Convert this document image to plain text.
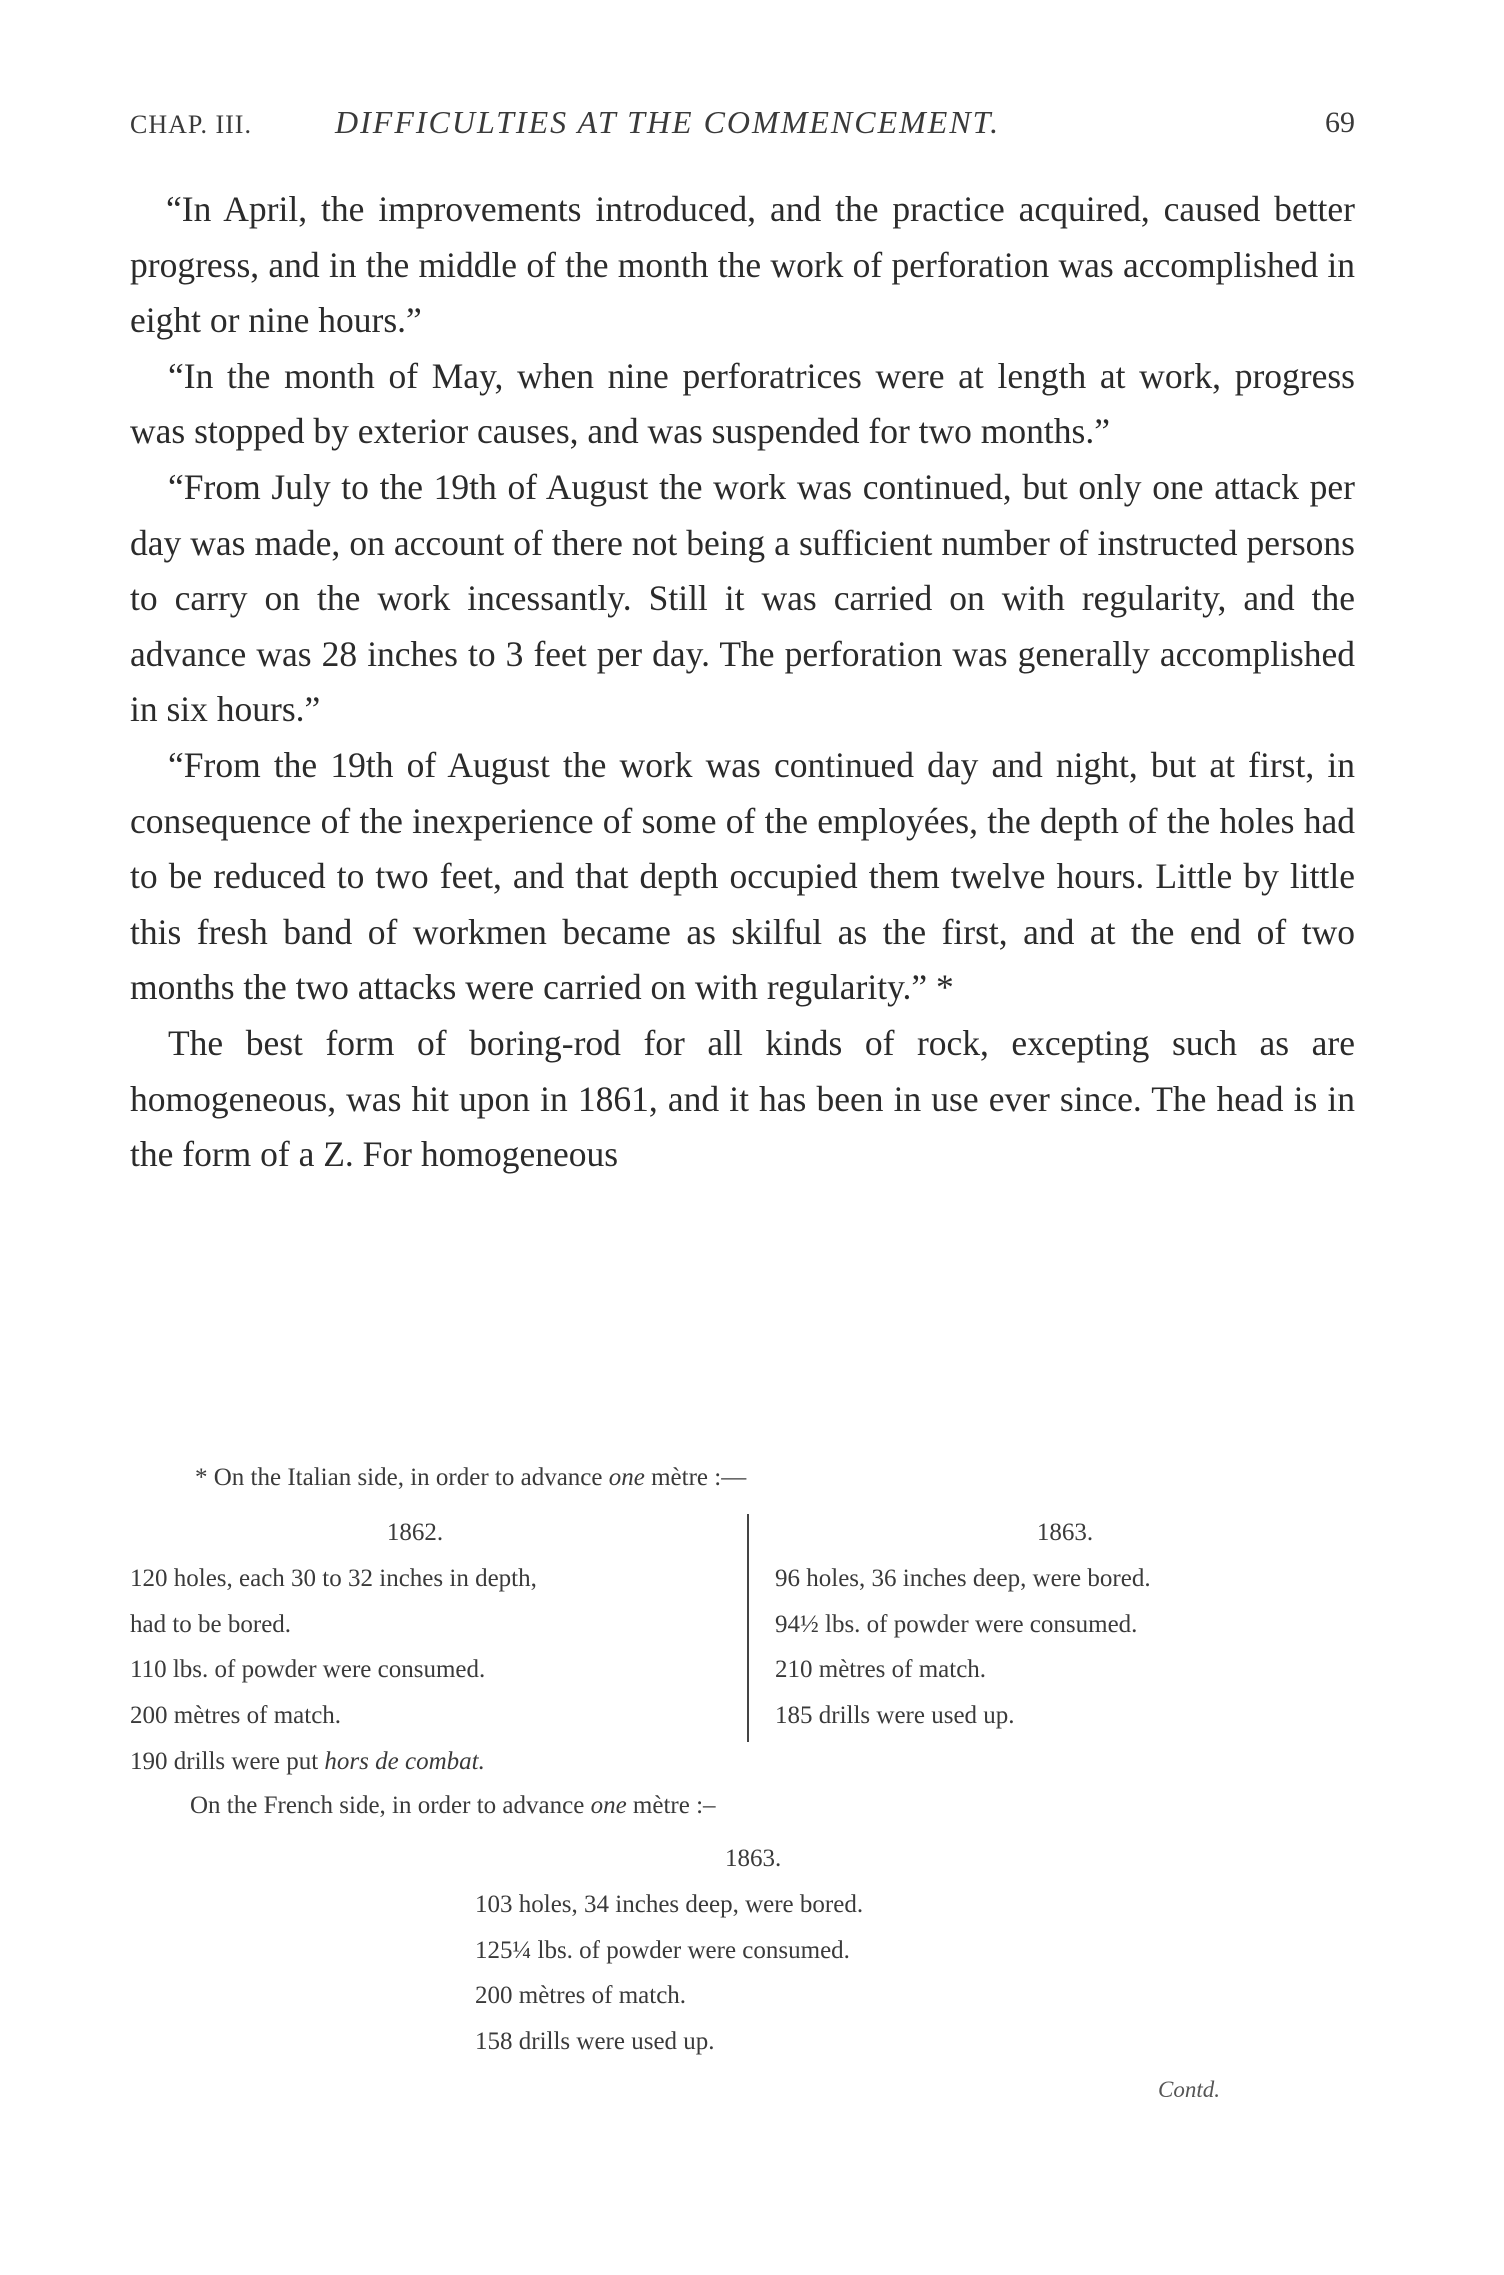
CHAP. III.	DIFFICULTIES AT THE COMMENCEMENT.	69

“In April, the improvements introduced, and the practice acquired, caused better progress, and in the middle of the month the work of perforation was accomplished in eight or nine hours.”

“In the month of May, when nine perforatrices were at length at work, progress was stopped by exterior causes, and was suspended for two months.”

“From July to the 19th of August the work was continued, but only one attack per day was made, on account of there not being a sufficient number of instructed persons to carry on the work incessantly. Still it was carried on with regularity, and the advance was 28 inches to 3 feet per day. The perforation was generally accomplished in six hours.”

“From the 19th of August the work was continued day and night, but at first, in consequence of the inexperience of some of the employées, the depth of the holes had to be reduced to two feet, and that depth occupied them twelve hours. Little by little this fresh band of workmen became as skilful as the first, and at the end of two months the two attacks were carried on with regularity.” *

The best form of boring-rod for all kinds of rock, excepting such as are homogeneous, was hit upon in 1861, and it has been in use ever since. The head is in the form of a Z. For homogeneous

* On the Italian side, in order to advance one mètre :—
1862.
120 holes, each 30 to 32 inches in depth,
had to be bored.
110 lbs. of powder were consumed.
200 mètres of match.
190 drills were put hors de combat.
1863.
96 holes, 36 inches deep, were bored.
94½ lbs. of powder were consumed.
210 mètres of match.
185 drills were used up.
On the French side, in order to advance one mètre :–
1863.
103 holes, 34 inches deep, were bored.
125¼ lbs. of powder were consumed.
200 mètres of match.
158 drills were used up.
Contd.
